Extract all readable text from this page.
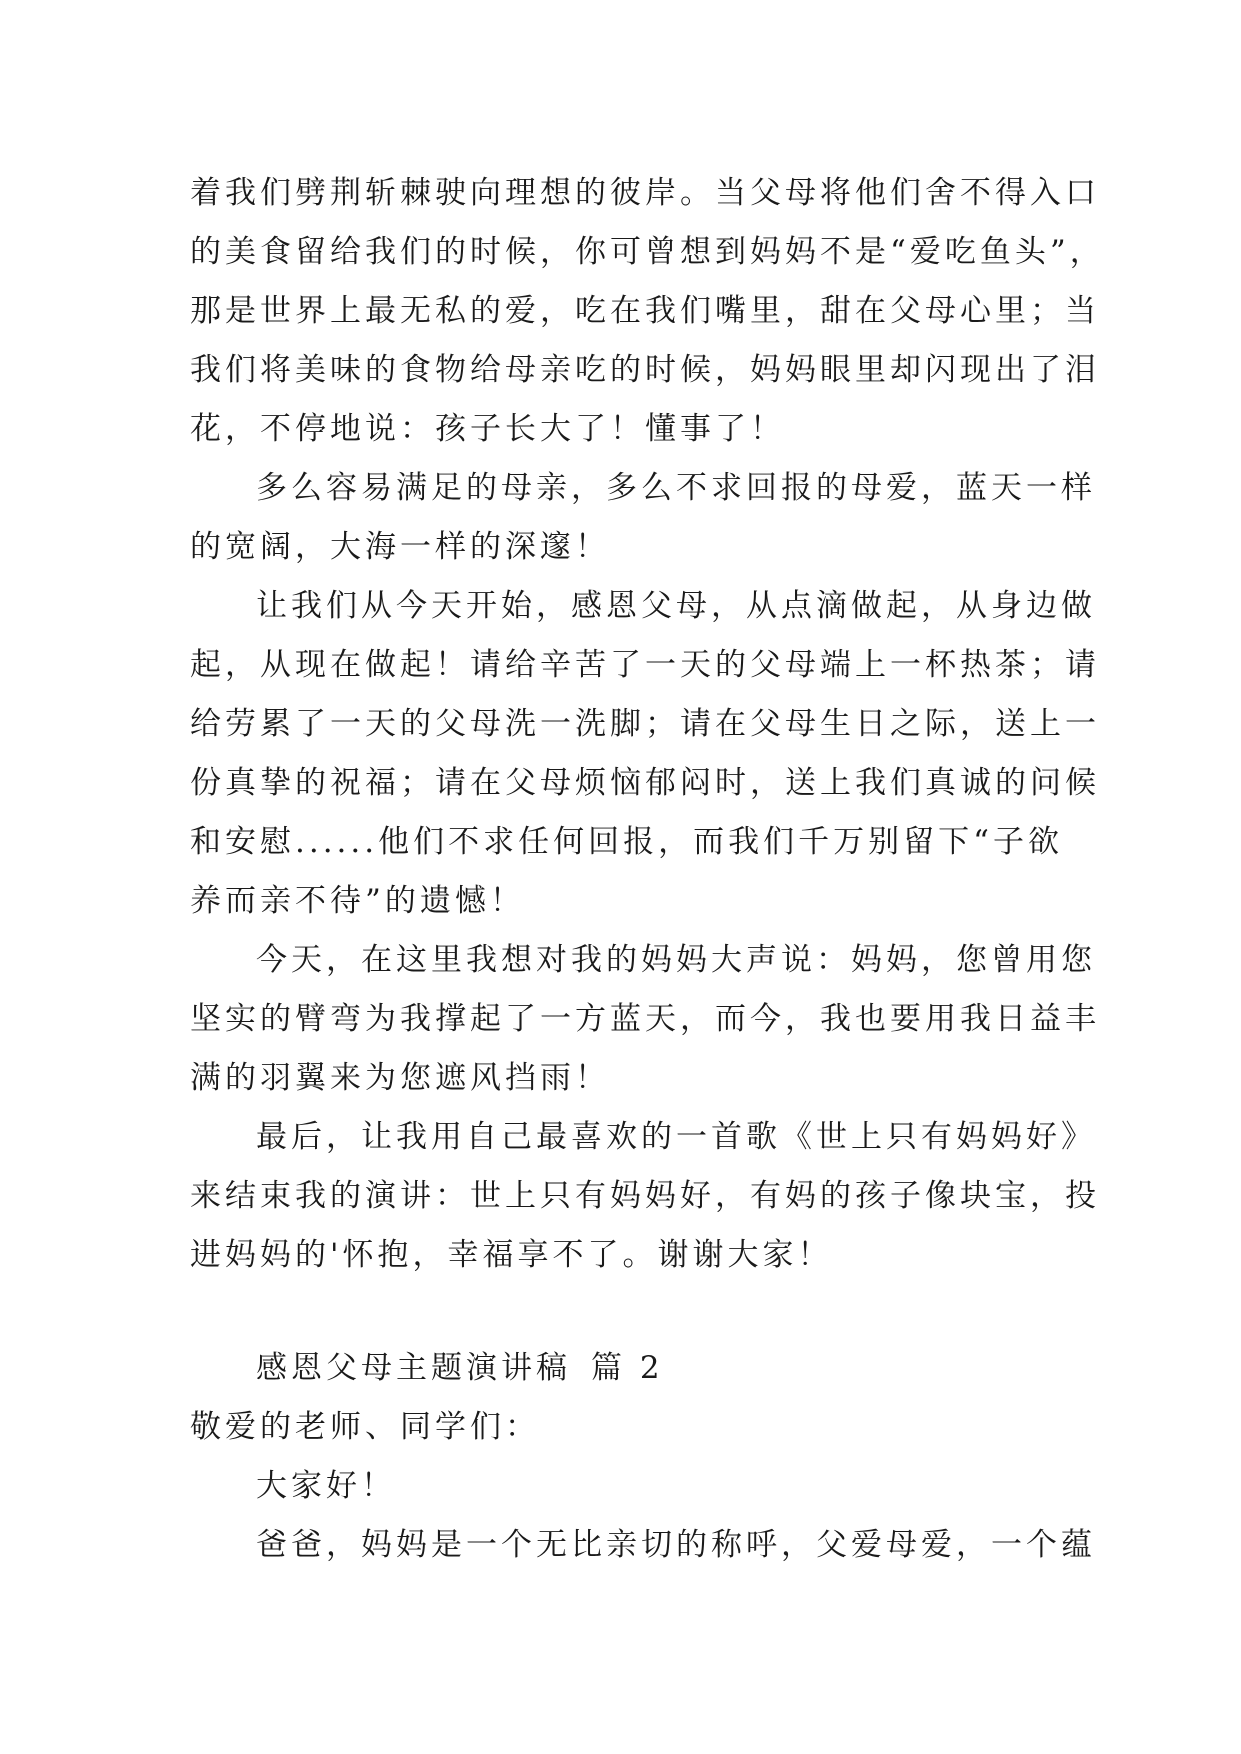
着我们劈荆斩棘驶向理想的彼岸。当父母将他们舍不得入口
的美食留给我们的时候，你可曾想到妈妈不是“爱吃鱼头”，
那是世界上最无私的爱，吃在我们嘴里，甜在父母心里；当
我们将美味的食物给母亲吃的时候，妈妈眼里却闪现出了泪
花，不停地说：孩子长大了！懂事了！
多么容易满足的母亲，多么不求回报的母爱，蓝天一样
的宽阔，大海一样的深邃！
让我们从今天开始，感恩父母，从点滴做起，从身边做
起，从现在做起！请给辛苦了一天的父母端上一杯热茶；请
给劳累了一天的父母洗一洗脚；请在父母生日之际，送上一
份真挚的祝福；请在父母烦恼郁闷时，送上我们真诚的问候
和安慰......他们不求任何回报，而我们千万别留下“子欲
养而亲不待”的遗憾！
今天，在这里我想对我的妈妈大声说：妈妈，您曾用您
坚实的臂弯为我撑起了一方蓝天，而今，我也要用我日益丰
满的羽翼来为您遮风挡雨！
最后，让我用自己最喜欢的一首歌《世上只有妈妈好》
来结束我的演讲：世上只有妈妈好，有妈的孩子像块宝，投
进妈妈的'怀抱，幸福享不了。谢谢大家！
感恩父母主题演讲稿 篇 2
敬爱的老师、同学们：
大家好！
爸爸，妈妈是一个无比亲切的称呼，父爱母爱，一个蕴
